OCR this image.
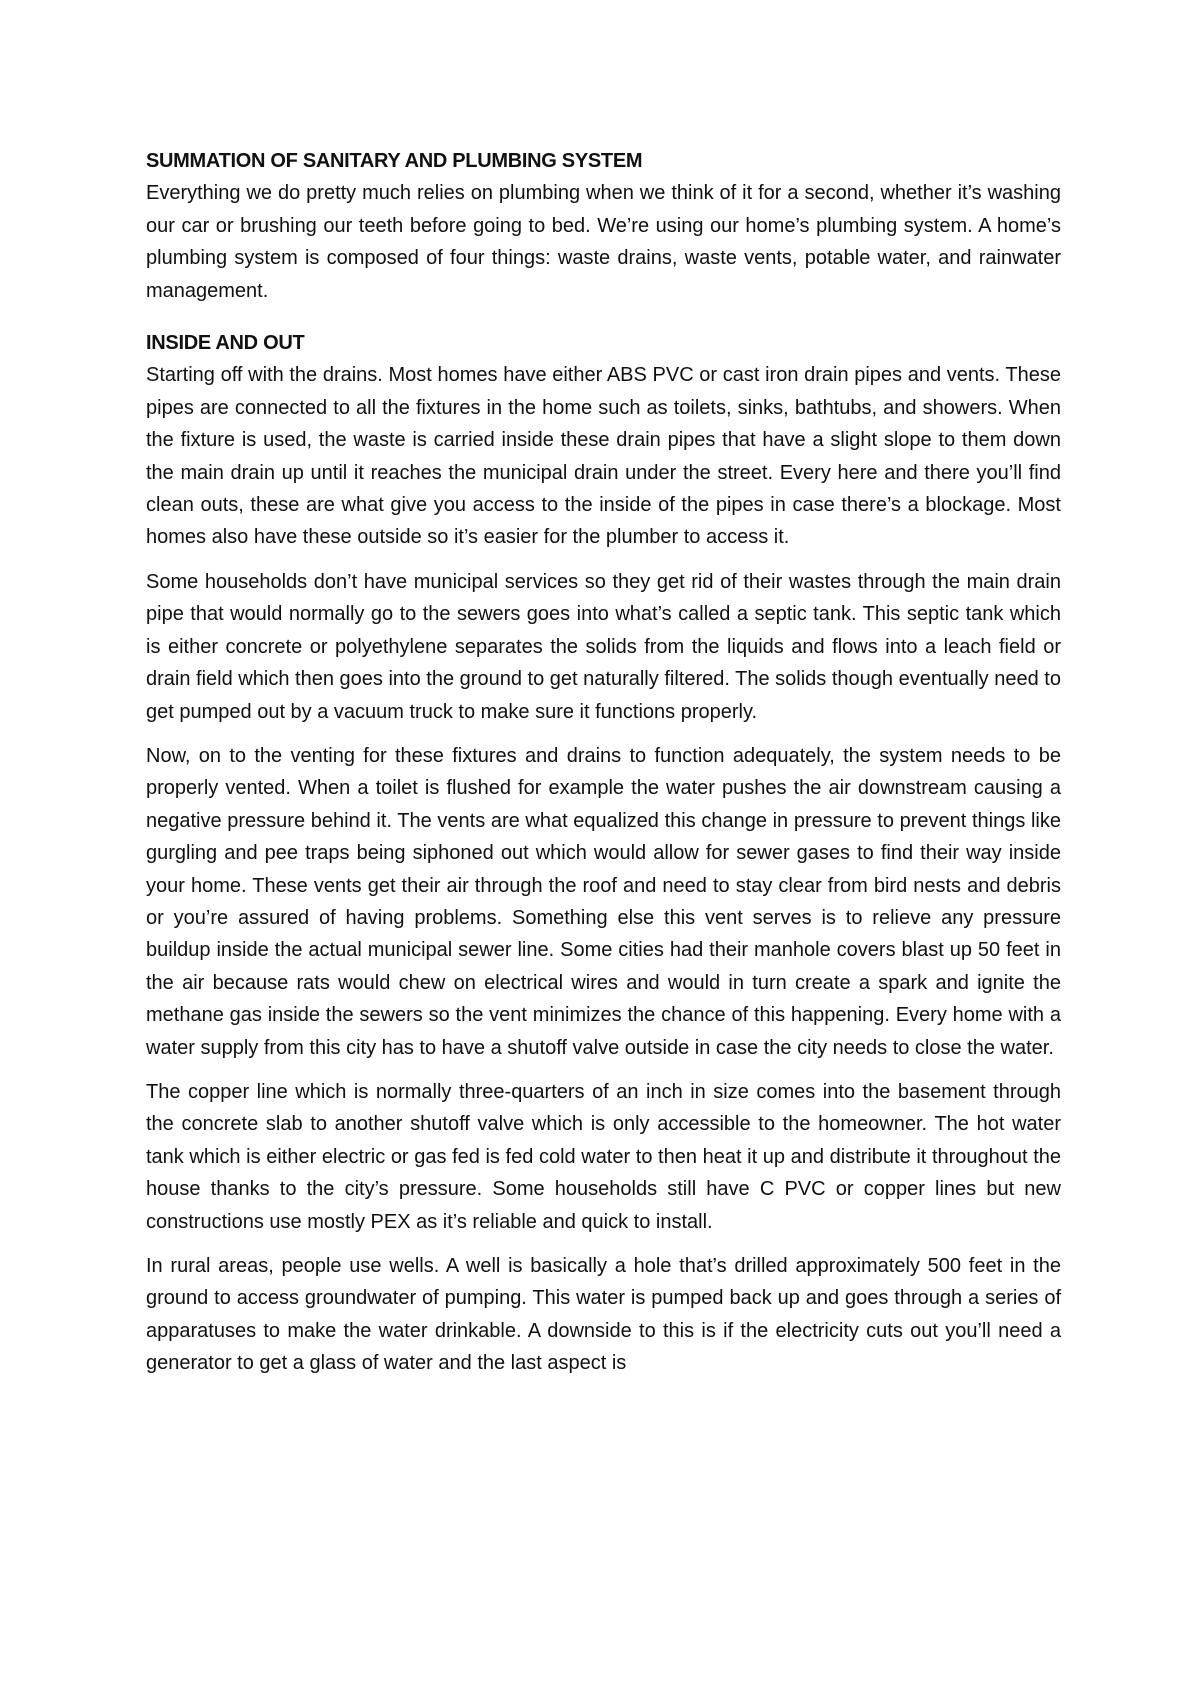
SUMMATION OF SANITARY AND PLUMBING SYSTEM

Everything we do pretty much relies on plumbing when we think of it for a second, whether it’s washing our car or brushing our teeth before going to bed. We’re using our home’s plumbing system. A home’s plumbing system is composed of four things: waste drains, waste vents, potable water, and rainwater management.

INSIDE AND OUT

Starting off with the drains. Most homes have either ABS PVC or cast iron drain pipes and vents. These pipes are connected to all the fixtures in the home such as toilets, sinks, bathtubs, and showers. When the fixture is used, the waste is carried inside these drain pipes that have a slight slope to them down the main drain up until it reaches the municipal drain under the street. Every here and there you’ll find clean outs, these are what give you access to the inside of the pipes in case there’s a blockage. Most homes also have these outside so it’s easier for the plumber to access it.

Some households don’t have municipal services so they get rid of their wastes through the main drain pipe that would normally go to the sewers goes into what’s called a septic tank. This septic tank which is either concrete or polyethylene separates the solids from the liquids and flows into a leach field or drain field which then goes into the ground to get naturally filtered. The solids though eventually need to get pumped out by a vacuum truck to make sure it functions properly.

Now, on to the venting for these fixtures and drains to function adequately, the system needs to be properly vented. When a toilet is flushed for example the water pushes the air downstream causing a negative pressure behind it. The vents are what equalized this change in pressure to prevent things like gurgling and pee traps being siphoned out which would allow for sewer gases to find their way inside your home. These vents get their air through the roof and need to stay clear from bird nests and debris or you’re assured of having problems. Something else this vent serves is to relieve any pressure buildup inside the actual municipal sewer line. Some cities had their manhole covers blast up 50 feet in the air because rats would chew on electrical wires and would in turn create a spark and ignite the methane gas inside the sewers so the vent minimizes the chance of this happening. Every home with a water supply from this city has to have a shutoff valve outside in case the city needs to close the water.

The copper line which is normally three-quarters of an inch in size comes into the basement through the concrete slab to another shutoff valve which is only accessible to the homeowner. The hot water tank which is either electric or gas fed is fed cold water to then heat it up and distribute it throughout the house thanks to the city’s pressure. Some households still have C PVC or copper lines but new constructions use mostly PEX as it’s reliable and quick to install.

In rural areas, people use wells. A well is basically a hole that’s drilled approximately 500 feet in the ground to access groundwater of pumping. This water is pumped back up and goes through a series of apparatuses to make the water drinkable. A downside to this is if the electricity cuts out you’ll need a generator to get a glass of water and the last aspect is
